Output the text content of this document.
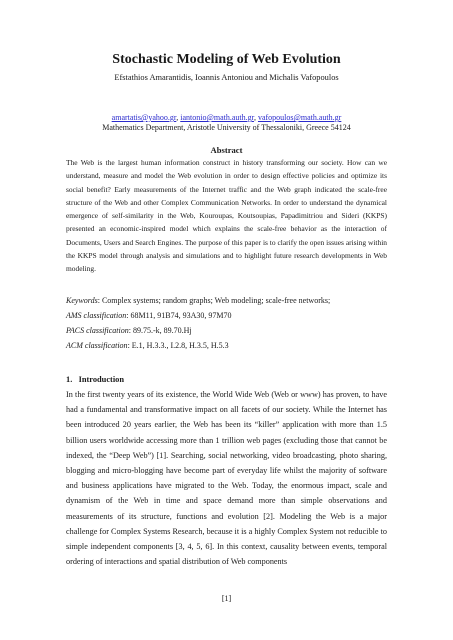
Stochastic Modeling of Web Evolution
Efstathios Amarantidis, Ioannis Antoniou and Michalis Vafopoulos
amartatis@yahoo.gr, iantonio@math.auth.gr, vafopoulos@math.auth.gr
Mathematics Department, Aristotle University of Thessaloniki, Greece 54124
Abstract
The Web is the largest human information construct in history transforming our society. How can we understand, measure and model the Web evolution in order to design effective policies and optimize its social benefit? Early measurements of the Internet traffic and the Web graph indicated the scale-free structure of the Web and other Complex Communication Networks. In order to understand the dynamical emergence of self-similarity in the Web, Kouroupas, Koutsoupias, Papadimitriou and Sideri (KKPS) presented an economic-inspired model which explains the scale-free behavior as the interaction of Documents, Users and Search Engines. The purpose of this paper is to clarify the open issues arising within the KKPS model through analysis and simulations and to highlight future research developments in Web modeling.
Keywords: Complex systems; random graphs; Web modeling; scale-free networks;
AMS classification: 68M11, 91B74, 93A30, 97M70
PACS classification: 89.75.-k, 89.70.Hj
ACM classification: E.1, H.3.3., I.2.8, H.3.5, H.5.3
1.   Introduction
In the first twenty years of its existence, the World Wide Web (Web or www) has proven, to have had a fundamental and transformative impact on all facets of our society. While the Internet has been introduced 20 years earlier, the Web has been its “killer” application with more than 1.5 billion users worldwide accessing more than 1 trillion web pages (excluding those that cannot be indexed, the “Deep Web”) [1]. Searching, social networking, video broadcasting, photo sharing, blogging and micro-blogging have become part of everyday life whilst the majority of software and business applications have migrated to the Web. Today, the enormous impact, scale and dynamism of the Web in time and space demand more than simple observations and measurements of its structure, functions and evolution [2]. Modeling the Web is a major challenge for Complex Systems Research, because it is a highly Complex System not reducible to simple independent components [3, 4, 5, 6]. In this context, causality between events, temporal ordering of interactions and spatial distribution of Web components
[1]
